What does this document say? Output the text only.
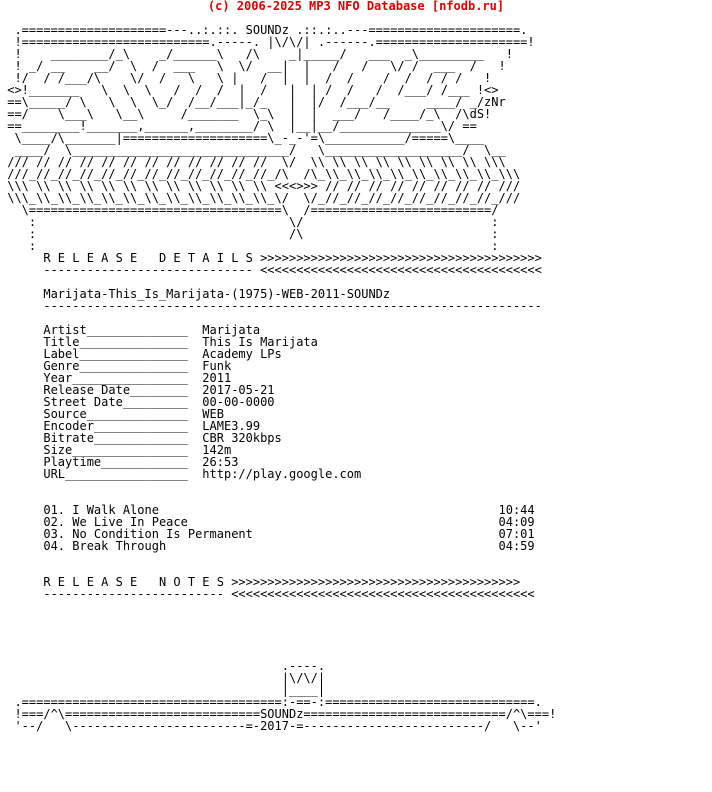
(c) 2006-2025 MP3 NFO Database [nfodb.ru]

.====================---..:.::. SOUNDz .::.:..---=====================.
!==========================.-----. |\/\/| .------.=====================!
!    ________/_\    _/______\   /\    _|_____/   ___  _\_________   !
! _/ __    __/  \  /  ___   \  \/  __|  |   /   /   \/ /  ___  /   !
!/  / /___/\    \/  /   \   \ |   /  |  |  /  /    /  /  / / /   !
<>!_______   \  \  \   /  /  /  |  /   |  | /  /   /  /___/ /___ !<>
==\_____/ \   \  \  \_/  /__/___|_/_   |  |/  /___/__     ____/ _/zNr
==/    \___\   \__\     /_______  \_\  |  |  ___/   /____/_\  /\dS!
==________!_______,______,________/ \  |__|__/______________\/ ==
\____/\_______|====================\_-_-'=\___________/=====\____
____/  \______________________________/   \___________________/  \__
/// // // // // // // // // // // //  \/  \\ \\ \\ \\ \\ \\ \\ \\ \\\
///_//_//_//_//_//_//_//_//_//_//_//_/\  /\_\\_\\_\\_\\_\\_\\_\\_\\_\\\
\\\ \\ \\ \\ \\ \\ \\ \\ \\ \\ \\ \\ <<<>>> // // // // // // // // ///
\\\_\\_\\_\\_\\_\\_\\_\\_\\_\\_\\_\\_\/  \/_//_//_//_//_//_//_//_//_///
\===================================\  /=========================/
:                                   \/                          :
:                                   /\                          :
:                                                               :
R E L E A S E   D E T A I L S >>>>>>>>>>>>>>>>>>>>>>>>>>>>>>>>>>>>>>>
----------------------------- <<<<<<<<<<<<<<<<<<<<<<<<<<<<<<<<<<<<<<<

Marijata-This_Is_Marijata-(1975)-WEB-2011-SOUNDz
---------------------------------------------------------------------

Artist______________  Marijata
Title_______________  This Is Marijata
Label_______________  Academy LPs
Genre_______________  Funk
Year________________  2011
Release Date________  2017-05-21
Street Date_________  00-00-0000
Source______________  WEB
Encoder_____________  LAME3.99
Bitrate_____________  CBR 320kbps
Size________________  142m
Playtime____________  26:53
URL_________________  http://play.google.com

01. I Walk Alone                                               10:44
02. We Live In Peace                                           04:09
03. No Condition Is Permanent                                  07:01
04. Break Through                                              04:59

R E L E A S E   N O T E S >>>>>>>>>>>>>>>>>>>>>>>>>>>>>>>>>>>>>>>>
------------------------- <<<<<<<<<<<<<<<<<<<<<<<<<<<<<<<<<<<<<<<<<<

.----.
|\/\/|
|____|
.====================================:-==-:=============================.
!===/^\===========================SOUNDz============================/^\===!
'--/   \------------------------=-2017-=-------------------------/   \--'
